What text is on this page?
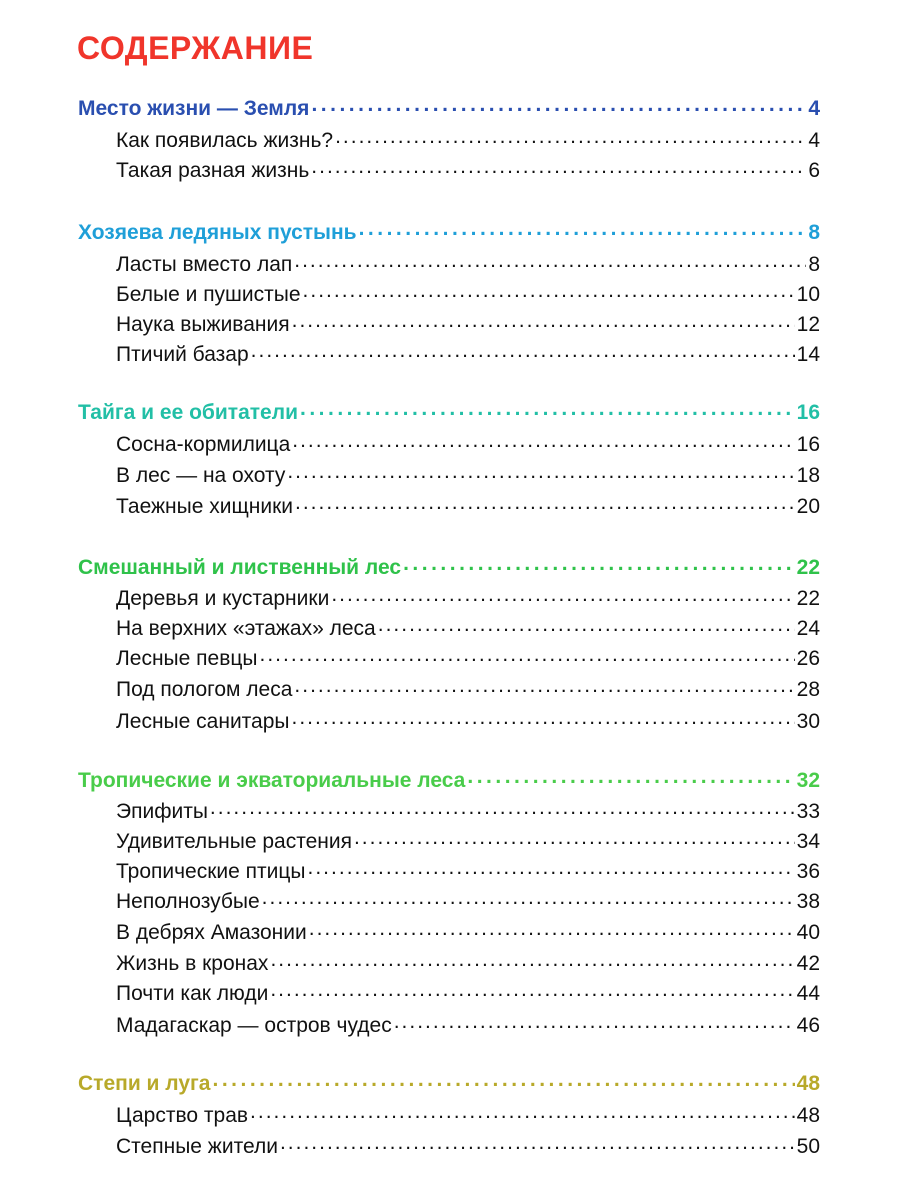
СОДЕРЖАНИЕ
Место жизни — Земля .....	4
Как появилась жизнь? .....	4
Такая разная жизнь .....	6
Хозяева ледяных пустынь .....	8
Ласты вместо лап .....	8
Белые и пушистые .....	10
Наука выживания .....	12
Птичий базар .....	14
Тайга и ее обитатели .....	16
Сосна-кормилица .....	16
В лес — на охоту .....	18
Таежные хищники .....	20
Смешанный и лиственный лес .....	22
Деревья и кустарники .....	22
На верхних «этажах» леса .....	24
Лесные певцы .....	26
Под пологом леса .....	28
Лесные санитары .....	30
Тропические и экваториальные леса .....	32
Эпифиты .....	33
Удивительные растения .....	34
Тропические птицы .....	36
Неполнозубые .....	38
В дебрях Амазонии .....	40
Жизнь в кронах .....	42
Почти как люди .....	44
Мадагаскар — остров чудес .....	46
Степи и луга .....	48
Царство трав .....	48
Степные жители .....	50
